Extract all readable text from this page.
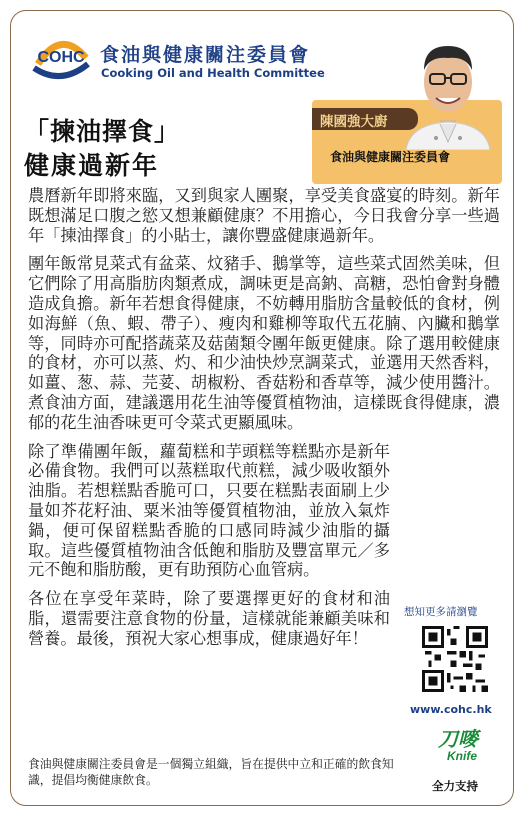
COHC 食油與健康關注委員會
Cooking Oil and Health Committee
「揀油擇食」
健康過新年
陳國強大廚
食油與健康關注委員會

農曆新年即將來臨，又到與家人團聚，享受美食盛宴的時刻。新年既想滿足口腹之慾又想兼顧健康？不用擔心，今日我會分享一些過年「揀油擇食」的小貼士，讓你豐盛健康過新年。

團年飯常見菜式有盆菜、炆豬手、鵝掌等，這些菜式固然美味，但它們除了用高脂肪肉類煮成，調味更是高鈉、高糖，恐怕會對身體造成負擔。新年若想食得健康，不妨轉用脂肪含量較低的食材，例如海鮮（魚、蝦、帶子）、瘦肉和雞柳等取代五花腩、內臟和鵝掌等，同時亦可配搭蔬菜及菇菌類令團年飯更健康。除了選用較健康的食材，亦可以蒸、灼、和少油快炒烹調菜式，並選用天然香料，如薑、葱、蒜、芫荽、胡椒粉、香菇粉和香草等，減少使用醬汁。煮食油方面，建議選用花生油等優質植物油，這樣既食得健康，濃郁的花生油香味更可令菜式更顯風味。

除了準備團年飯，蘿蔔糕和芋頭糕等糕點亦是新年必備食物。我們可以蒸糕取代煎糕，減少吸收額外油脂。若想糕點香脆可口，只要在糕點表面刷上少量如芥花籽油、粟米油等優質植物油，並放入氣炸鍋，便可保留糕點香脆的口感同時減少油脂的攝取。這些優質植物油含低飽和脂肪及豐富單元／多元不飽和脂肪酸，更有助預防心血管病。

各位在享受年菜時，除了要選擇更好的食材和油脂，還需要注意食物的份量，這樣就能兼顧美味和營養。最後，預祝大家心想事成，健康過好年！

食油與健康關注委員會是一個獨立組織，旨在提供中立和正確的飲食知識，提倡均衡健康飲食。
想知更多請瀏覽
www.cohc.hk
刀嘜
Knife
全力支持
